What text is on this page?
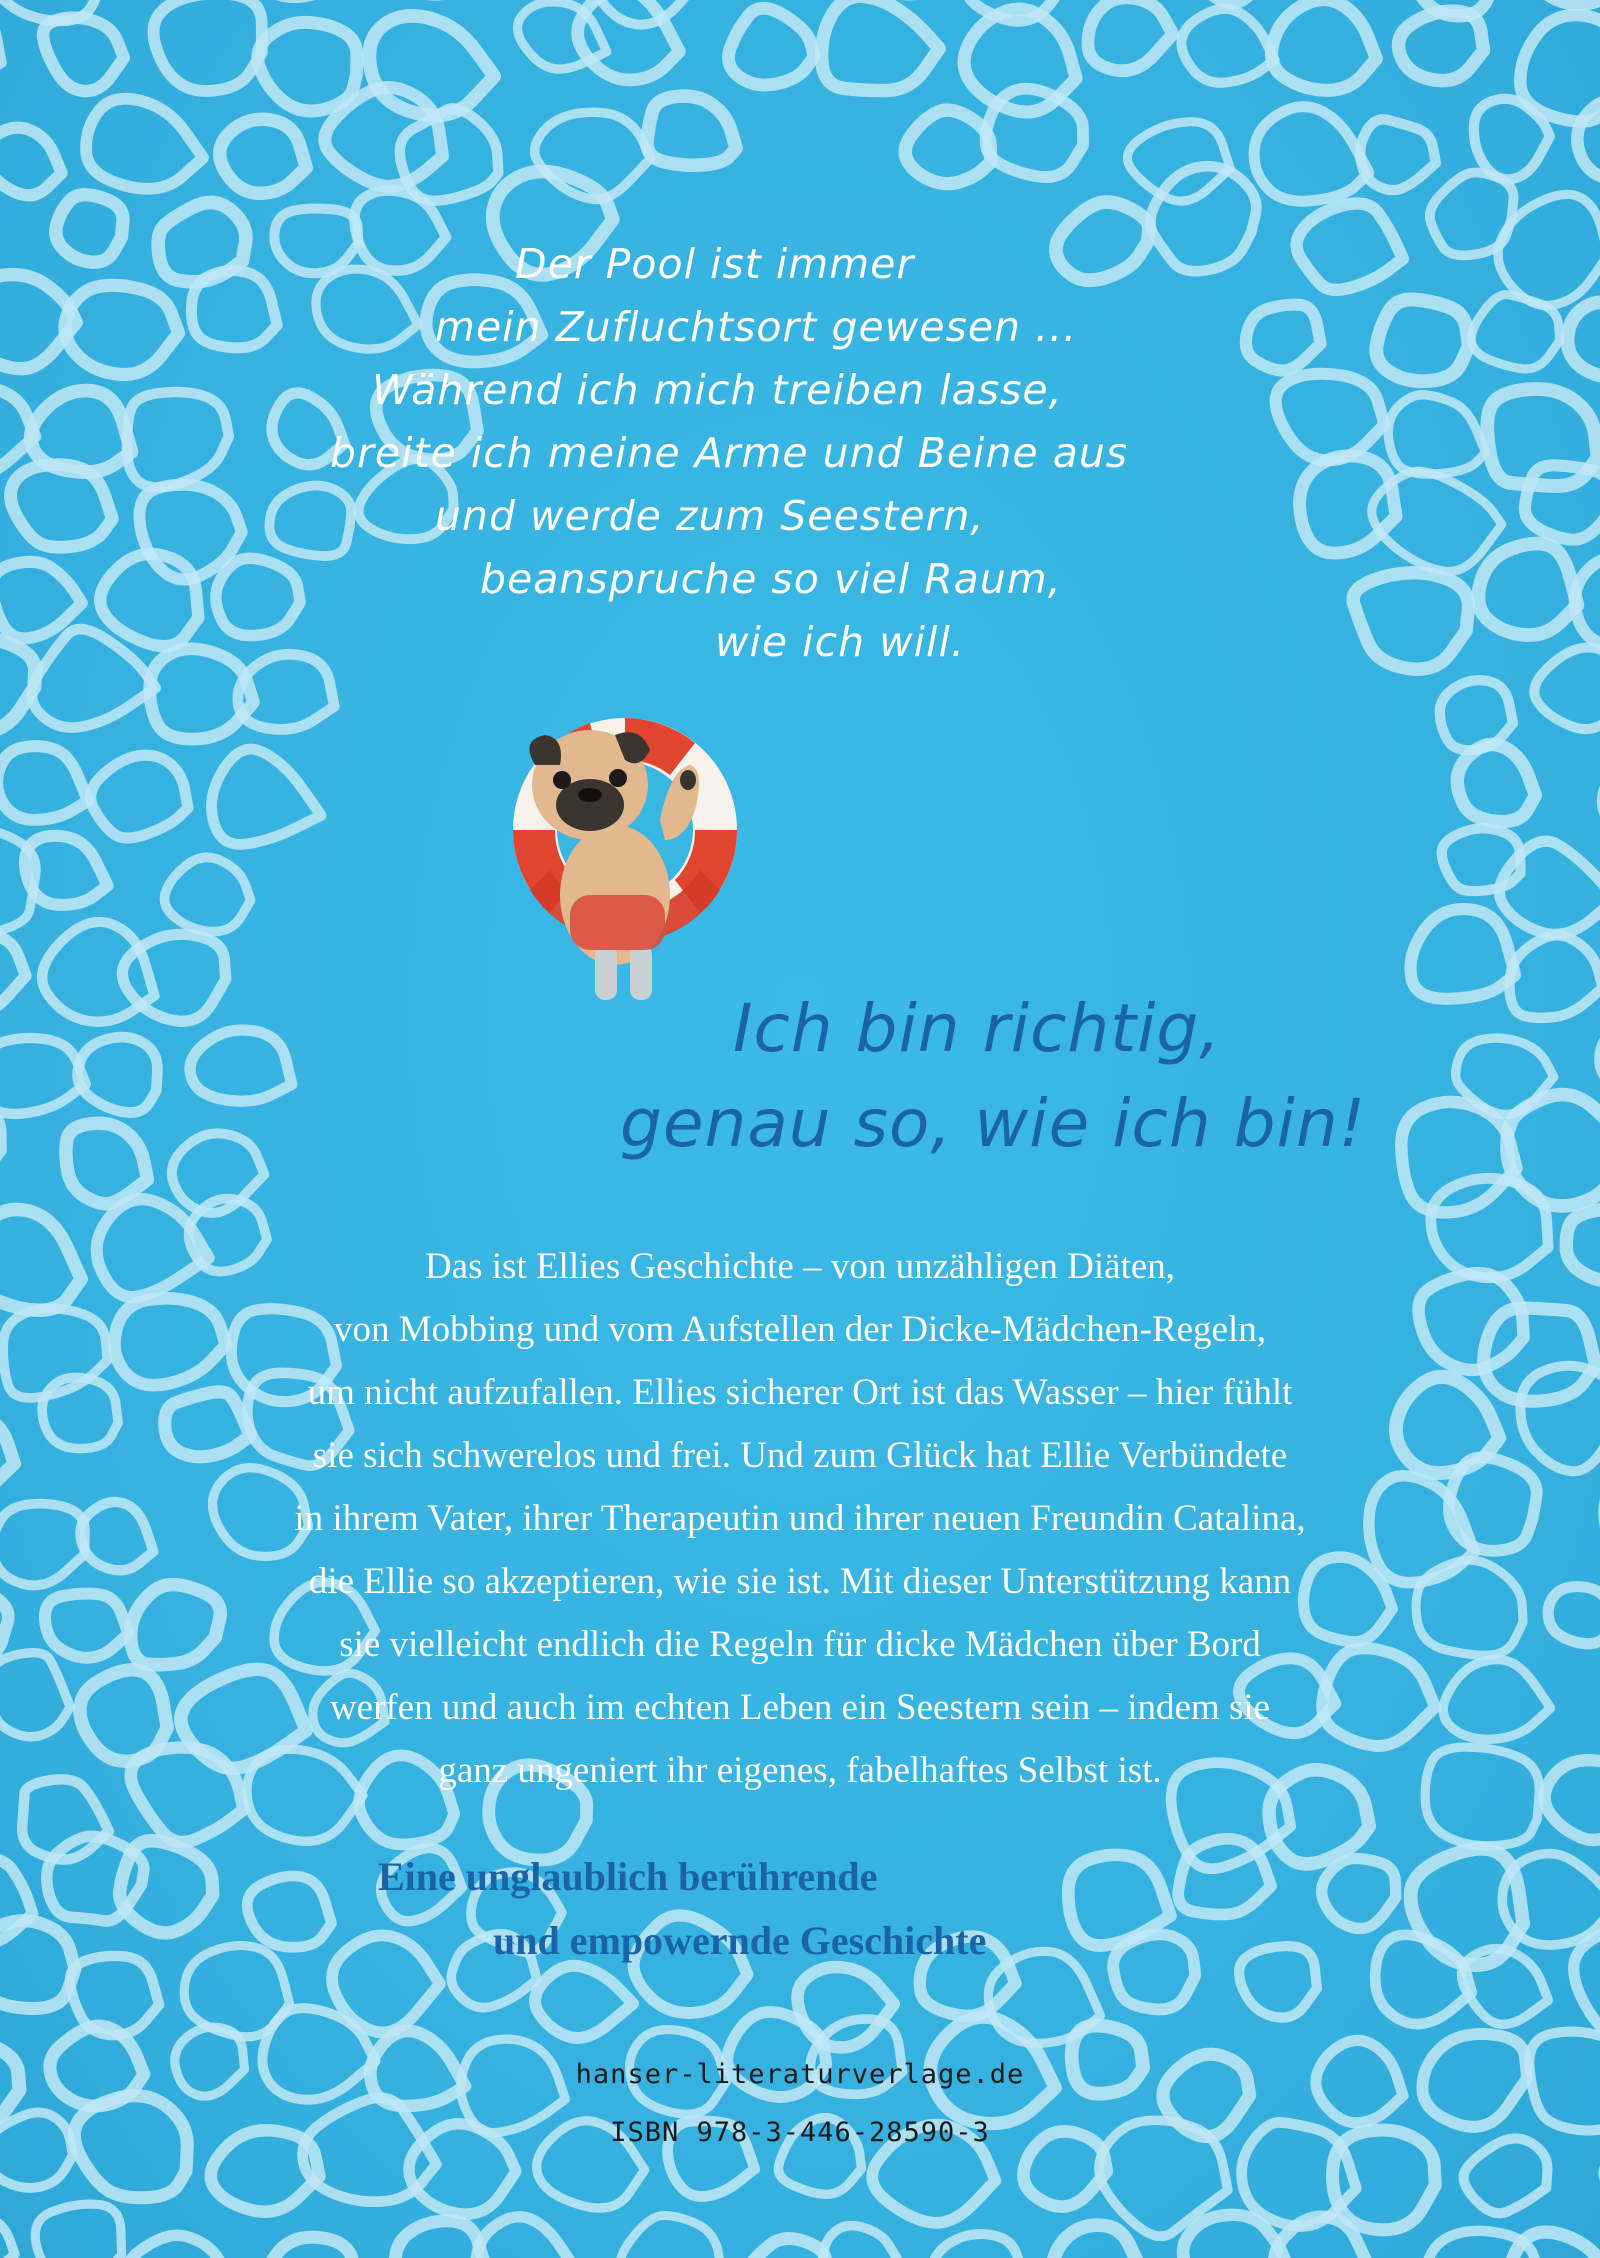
Der Pool ist immer
mein Zufluchtsort gewesen ...
Während ich mich treiben lasse,
breite ich meine Arme und Beine aus
und werde zum Seestern,
beanspruche so viel Raum,
wie ich will.
Ich bin richtig,
genau so, wie ich bin!
Das ist Ellies Geschichte – von unzähligen Diäten,
von Mobbing und vom Aufstellen der Dicke-Mädchen-Regeln,
um nicht aufzufallen. Ellies sicherer Ort ist das Wasser – hier fühlt
sie sich schwerelos und frei. Und zum Glück hat Ellie Verbündete
in ihrem Vater, ihrer Therapeutin und ihrer neuen Freundin Catalina,
die Ellie so akzeptieren, wie sie ist. Mit dieser Unterstützung kann
sie vielleicht endlich die Regeln für dicke Mädchen über Bord
werfen und auch im echten Leben ein Seestern sein – indem sie
ganz ungeniert ihr eigenes, fabelhaftes Selbst ist.
Eine unglaublich berührende
und empowernde Geschichte
hanser-literaturverlage.de
ISBN 978-3-446-28590-3
